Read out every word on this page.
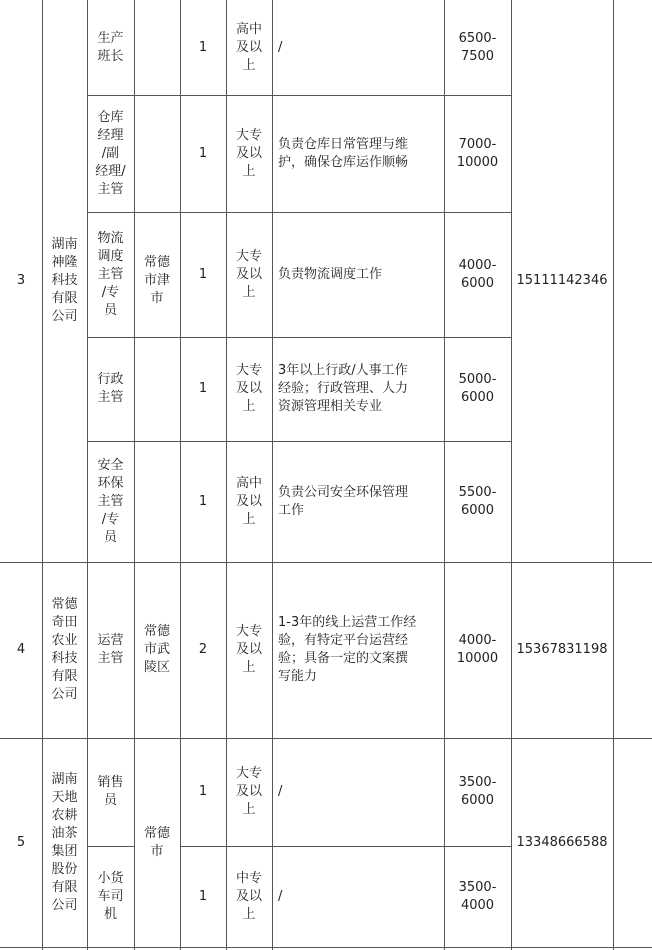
3
湖南
神隆
科技
有限
公司
常德
市津
市
15111142346
生产
班长
1
高中
及以
上
/
6500-
7500
仓库
经理
/副
经理/
主管
1
大专
及以
上
负责仓库日常管理与维
护，确保仓库运作顺畅
7000-
10000
物流
调度
主管
/专
员
1
大专
及以
上
负责物流调度工作
4000-
6000
行政
主管
1
大专
及以
上
3年以上行政/人事工作
经验；行政管理、人力
资源管理相关专业
5000-
6000
安全
环保
主管
/专
员
1
高中
及以
上
负责公司安全环保管理
工作
5500-
6000
4
常德
奇田
农业
科技
有限
公司
运营
主管
常德
市武
陵区
2
大专
及以
上
1-3年的线上运营工作经
验，有特定平台运营经
验；具备一定的文案撰
写能力
4000-
10000
15367831198
5
湖南
天地
农耕
油茶
集团
股份
有限
公司
常德
市
13348666588
销售
员
1
大专
及以
上
/
3500-
6000
小货
车司
机
1
中专
及以
上
/
3500-
4000
